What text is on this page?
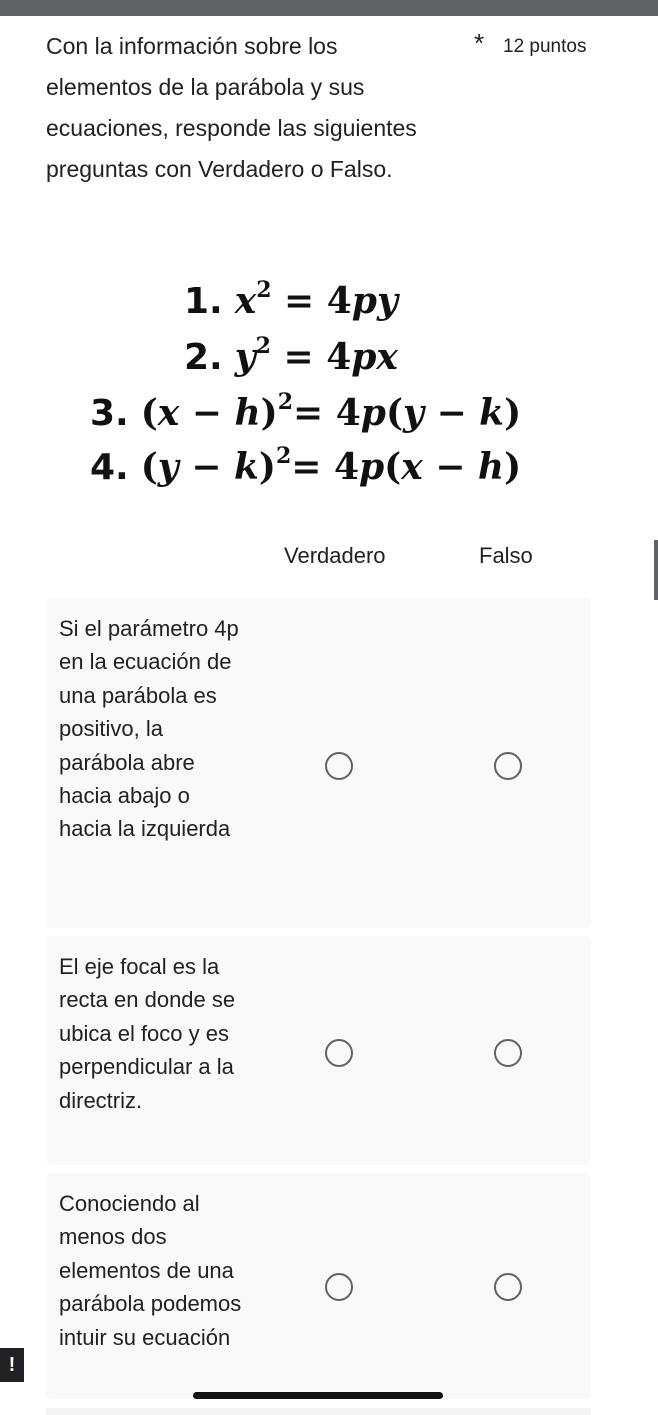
Con la información sobre los elementos de la parábola y sus ecuaciones, responde las siguientes preguntas con Verdadero o Falso.
* 12 puntos
1. $x^2 = 4py$
2. $y^2 = 4px$
3. $(x - h)^2= 4p(y - k)$
4. $(y - k)^2= 4p(x - h)$
Verdadero	Falso
Si el parámetro 4p en la ecuación de una parábola es positivo, la parábola abre hacia abajo o hacia la izquierda
El eje focal es la recta en donde se ubica el foco y es perpendicular a la directriz.
Conociendo al menos dos elementos de una parábola podemos intuir su ecuación
!
